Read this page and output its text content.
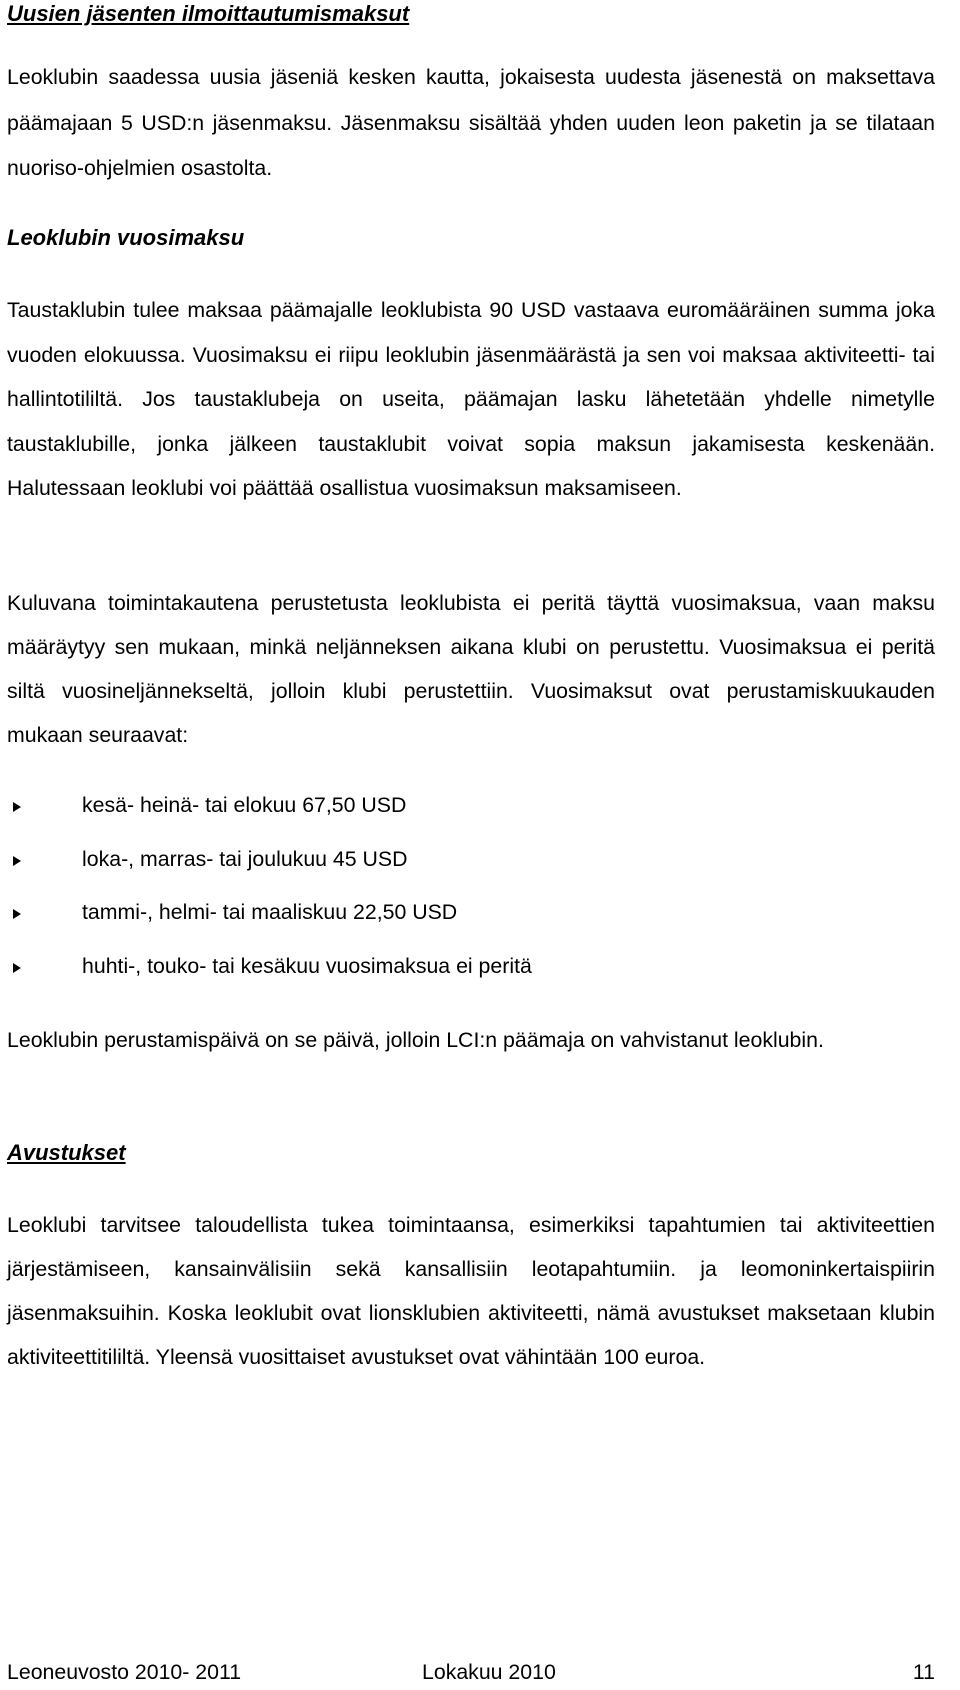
Uusien jäsenten ilmoittautumismaksut

Leoklubin saadessa uusia jäseniä kesken kautta, jokaisesta uudesta jäsenestä on maksettava päämajaan 5 USD:n jäsenmaksu. Jäsenmaksu sisältää yhden uuden leon paketin ja se tilataan nuoriso-ohjelmien osastolta.

Leoklubin vuosimaksu

Taustaklubin tulee maksaa päämajalle leoklubista 90 USD vastaava euromääräinen summa joka vuoden elokuussa. Vuosimaksu ei riipu leoklubin jäsenmäärästä ja sen voi maksaa aktiviteetti- tai hallintotililtä. Jos taustaklubeja on useita, päämajan lasku lähetetään yhdelle nimetylle taustaklubille, jonka jälkeen taustaklubit voivat sopia maksun jakamisesta keskenään. Halutessaan leoklubi voi päättää osallistua vuosimaksun maksamiseen.

Kuluvana toimintakautena perustetusta leoklubista ei peritä täyttä vuosimaksua, vaan maksu määräytyy sen mukaan, minkä neljänneksen aikana klubi on perustettu. Vuosimaksua ei peritä siltä vuosineljännekseltä, jolloin klubi perustettiin. Vuosimaksut ovat perustamiskuukauden mukaan seuraavat:

kesä- heinä- tai elokuu 67,50 USD
loka-, marras- tai joulukuu 45 USD
tammi-, helmi- tai maaliskuu 22,50 USD
huhti-, touko- tai kesäkuu vuosimaksua ei peritä

Leoklubin perustamispäivä on se päivä, jolloin LCI:n päämaja on vahvistanut leoklubin.

Avustukset

Leoklubi tarvitsee taloudellista tukea toimintaansa, esimerkiksi tapahtumien tai aktiviteettien järjestämiseen, kansainvälisiin sekä kansallisiin leotapahtumiin. ja leomoninkertaispiirin jäsenmaksuihin. Koska leoklubit ovat lionsklubien aktiviteetti, nämä avustukset maksetaan klubin aktiviteettitililtä. Yleensä vuosittaiset avustukset ovat vähintään 100 euroa.

Leoneuvosto 2010- 2011	Lokakuu 2010	11
